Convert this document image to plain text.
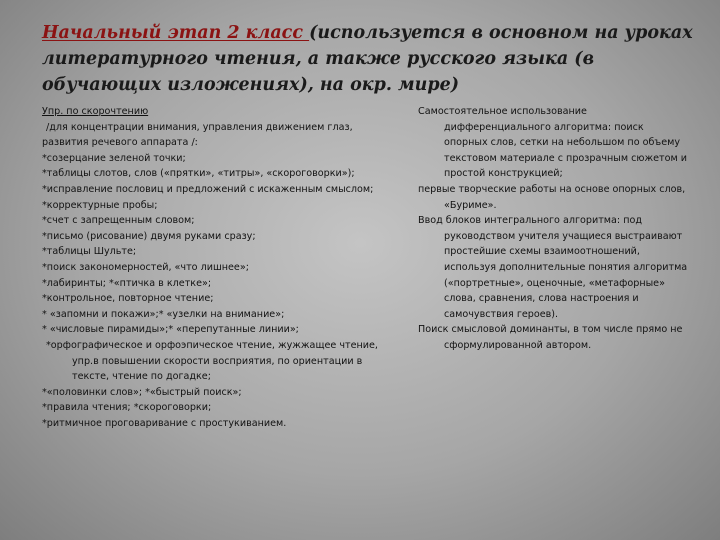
Начальный этап 2 класс (используется в основном на уроках литературного чтения, а также русского языка (в обучающих изложениях), на окр. мире)

Упр. по скорочтению

/для концентрации внимания, управления движением глаз,

развития речевого аппарата /:

*созерцание зеленой точки;

*таблицы слотов, слов («прятки», «титры», «скороговорки»);

*исправление пословиц и предложений с искаженным смыслом;

*корректурные пробы;

*счет с запрещенным словом;

*письмо (рисование) двумя руками сразу;

*таблицы Шульте;

*поиск закономерностей, «что лишнее»;

*лабиринты; *«птичка в клетке»;

*контрольное, повторное чтение;

* «запомни и покажи»;* «узелки на внимание»;

* «числовые пирамиды»;* «перепутанные линии»;

*орфографическое и орфоэпическое чтение, жужжащее чтение, упр.в повышении скорости восприятия, по ориентации в тексте, чтение по догадке;

*«половинки слов»; *«быстрый поиск»;

*правила чтения; *скороговорки;

*ритмичное проговаривание с простукиванием.

Самостоятельное использование дифференциального алгоритма: поиск опорных слов, сетки на небольшом по объему текстовом материале с прозрачным сюжетом и простой конструкцией;

первые творческие работы на основе опорных слов, «Буриме».

Ввод блоков интегрального алгоритма: под руководством учителя учащиеся выстраивают простейшие схемы взаимоотношений, используя дополнительные понятия алгоритма («портретные», оценочные, «метафорные» слова, сравнения, слова настроения и самочувствия героев).

Поиск смысловой доминанты, в том числе прямо не сформулированной автором.
